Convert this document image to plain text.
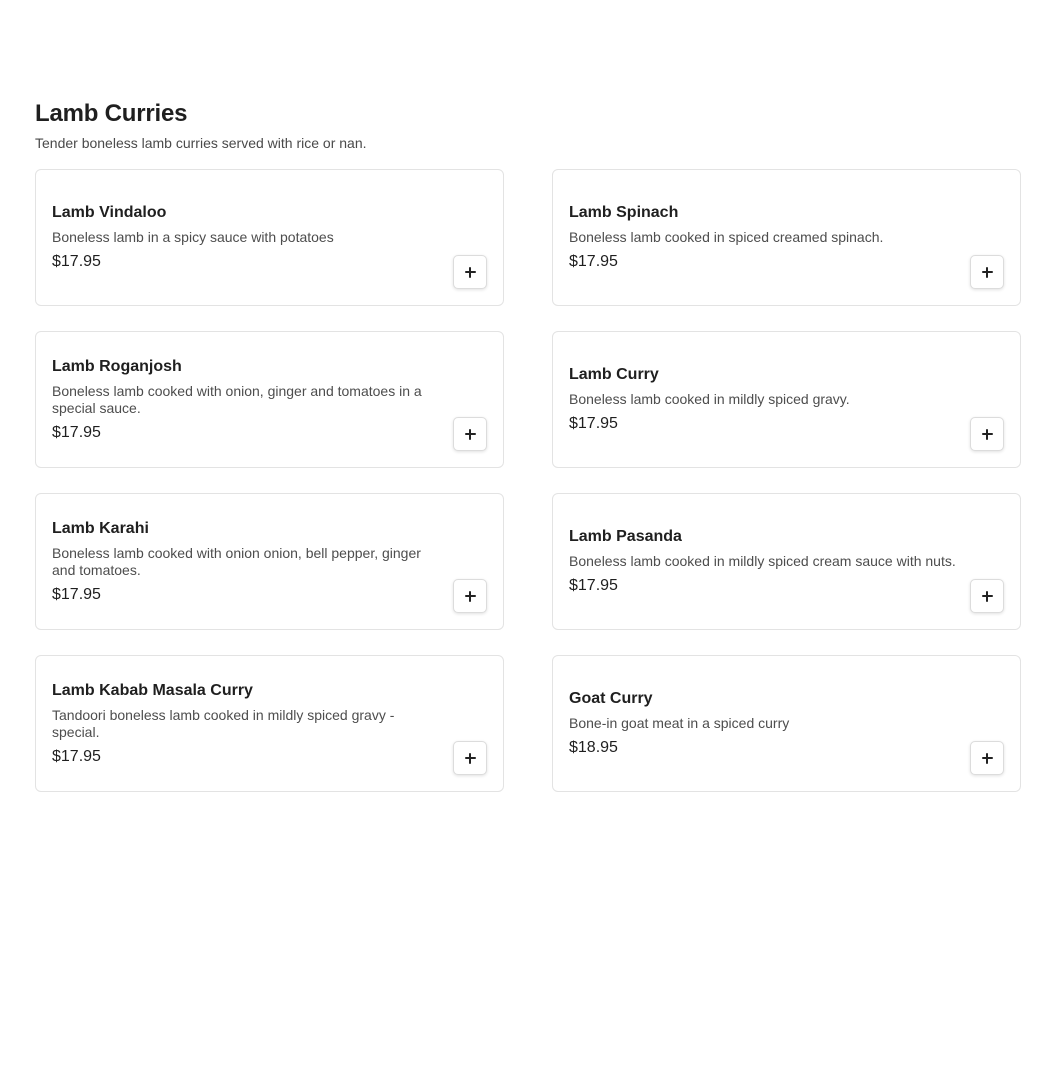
Lamb Curries

Tender boneless lamb curries served with rice or nan.

Lamb Vindaloo
Boneless lamb in a spicy sauce with potatoes
$17.95
Lamb Spinach
Boneless lamb cooked in spiced creamed spinach.
$17.95
Lamb Roganjosh
Boneless lamb cooked with onion, ginger and tomatoes in a special sauce.
$17.95
Lamb Curry
Boneless lamb cooked in mildly spiced gravy.
$17.95
Lamb Karahi
Boneless lamb cooked with onion onion, bell pepper, ginger and tomatoes.
$17.95
Lamb Pasanda
Boneless lamb cooked in mildly spiced cream sauce with nuts.
$17.95
Lamb Kabab Masala Curry
Tandoori boneless lamb cooked in mildly spiced gravy - special.
$17.95
Goat Curry
Bone-in goat meat in a spiced curry
$18.95
